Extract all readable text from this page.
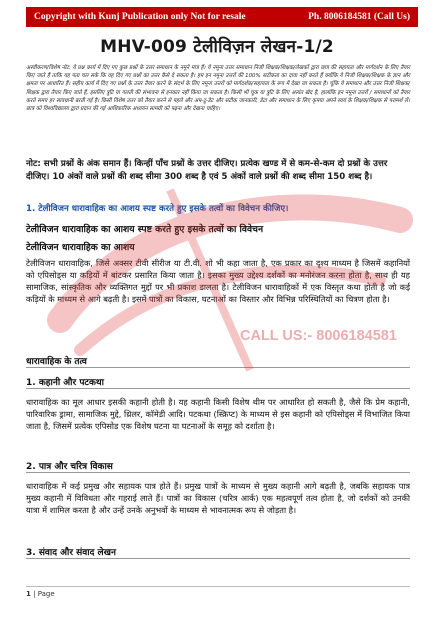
Copyright with Kunj Publication only Not for resale	Ph. 8006184581 (Call Us)
MHV-009 टेलीविज़न लेखन-1/2
अस्वीकरण/विशेष नोट: ये प्रश्न कार्य में दिए गए कुछ प्रश्नों के उत्तर समाधान के नमूने मात्र हैं। ये नमूना उत्तर समाधान निजी शिक्षक/शिक्षक/लेखकों द्वारा छात्र की सहायता और मार्गदर्शन के लिए तैयार किए जाते हैं ताकि यह पता चल सके कि वह दिए गए प्रश्नों का उत्तर कैसे दे सकता है। हम इन नमूना उत्तरों की 100% सटीकता का दावा नहीं करते हैं क्योंकि ये निजी शिक्षक/शिक्षक के ज्ञान और क्षमता पर आधारित हैं। सहीय कार्य में दिए गए प्रश्नों के उत्तर तैयार करने के संदर्भ के लिए नमूना उत्तरों को मार्गदर्शक/सहायता के रूप में देखा जा सकता है। चूंकि ये समाधान और उत्तर निजी शिक्षक/शिक्षक द्वारा तैयार किए जाते हैं, इसलिए त्रुटि या गलती की संभावना से इनकार नहीं किया जा सकता है। किसी भी चूक या त्रुटि के लिए अत्यंत खेद है, हालांकि इन नमूना उत्तरों / समाधानों को तैयार करते समय हर सावधानी बरती गई है। किसी विशेष उत्तर को तैयार करने से पहले और अप-टू-डेट और सटीक जानकारी, डेटा और समाधान के लिए कृपया अपने स्वयं के शिक्षक/शिक्षक से परामर्श लें। छात्र को विश्वविद्यालय द्वारा प्रदान की गई आधिकारिक अध्ययन सामग्री को पढ़ना और देखना चाहिए।
नोट: सभी प्रश्नों के अंक समान हैं। किन्हीं पाँच प्रश्नों के उत्तर दीजिए। प्रत्येक खण्ड में से कम-से-कम दो प्रश्नों के उत्तर दीजिए। 10 अंकों वाले प्रश्नों की शब्द सीमा 300 शब्द है एवं 5 अंकों वाले प्रश्नों की शब्द सीमा 150 शब्द है।
1. टेलीविजन धारावाहिक का आशय स्पष्ट करते हुए इसके तत्वों का विवेचन कीजिए।
टेलीविजन धारावाहिक का आशय स्पष्ट करते हुए इसके तत्वों का विवेचन
टेलीविजन धारावाहिक का आशय
टेलीविजन धारावाहिक, जिसे अक्सर टीवी सीरीज या टी.वी. शो भी कहा जाता है, एक प्रकार का दृश्य माध्यम है जिसमें कहानियों को एपिसोड्स या कड़ियों में बांटकर प्रसारित किया जाता है। इसका मुख्य उद्देश्य दर्शकों का मनोरंजन करना होता है, साथ ही यह सामाजिक, सांस्कृतिक और व्यक्तिगत मुद्दों पर भी प्रकाश डालता है। टेलीविजन धारावाहिकों में एक विस्तृत कथा होती है जो कई कड़ियों के माध्यम से आगे बढ़ती है। इसमें पात्रों का विकास, घटनाओं का विस्तार और विभिन्न परिस्थितियों का चित्रण होता है।
धारावाहिक के तत्व
1. कहानी और पटकथा
धारावाहिक का मूल आधार इसकी कहानी होती है। यह कहानी किसी विशेष थीम पर आधारित हो सकती है, जैसे कि प्रेम कहानी, पारिवारिक ड्रामा, सामाजिक मुद्दे, थ्रिलर, कॉमेडी आदि। पटकथा (स्क्रिप्ट) के माध्यम से इस कहानी को एपिसोड्स में विभाजित किया जाता है, जिसमें प्रत्येक एपिसोड एक विशेष घटना या घटनाओं के समूह को दर्शाता है।
2. पात्र और चरित्र विकास
धारावाहिक में कई प्रमुख और सहायक पात्र होते हैं। प्रमुख पात्रों के माध्यम से मुख्य कहानी आगे बढ़ती है, जबकि सहायक पात्र मुख्य कहानी में विविधता और गहराई लाते हैं। पात्रों का विकास (चरित्र आर्क) एक महत्वपूर्ण तत्व होता है, जो दर्शकों को उनकी यात्रा में शामिल करता है और उन्हें उनके अनुभवों के माध्यम से भावनात्मक रूप से जोड़ता है।
3. संवाद और संवाद लेखन
CALL US:- 8006184581
1 | Page
